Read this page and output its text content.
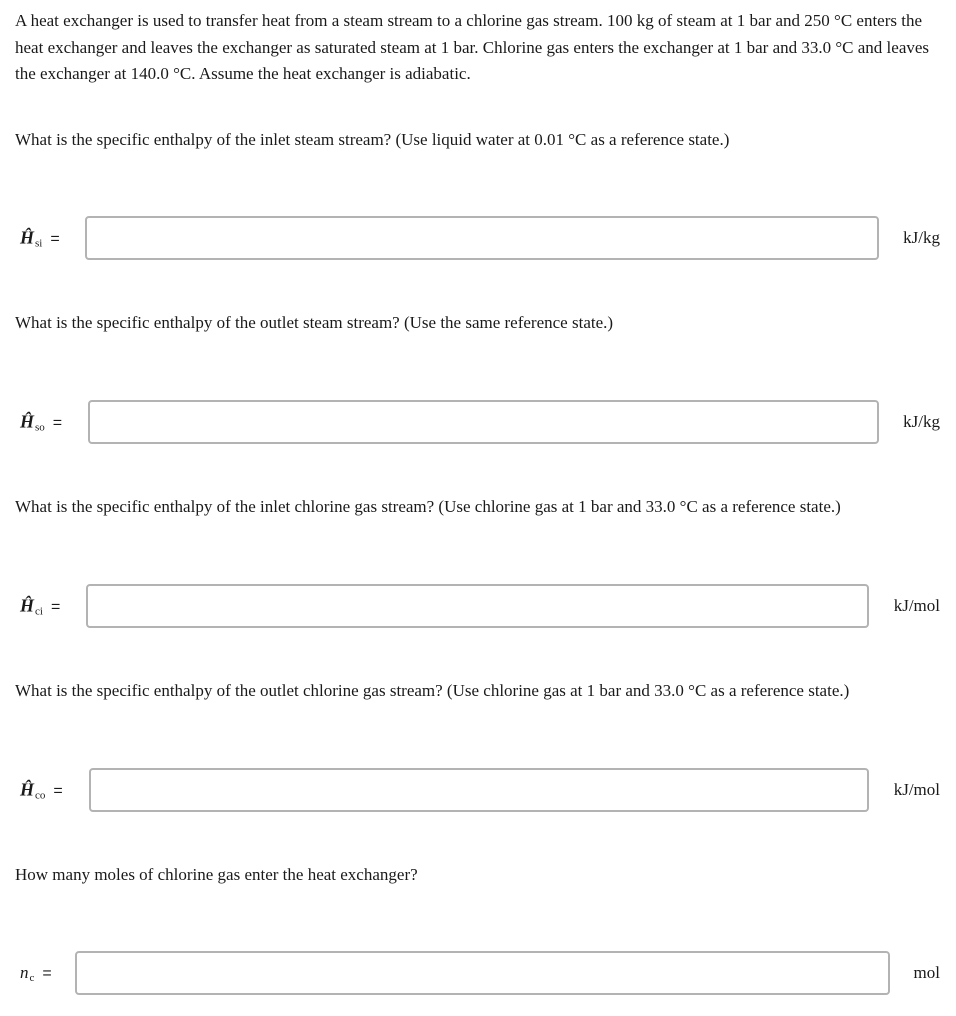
A heat exchanger is used to transfer heat from a steam stream to a chlorine gas stream. 100 kg of steam at 1 bar and 250 °C enters the heat exchanger and leaves the exchanger as saturated steam at 1 bar. Chlorine gas enters the exchanger at 1 bar and 33.0 °C and leaves the exchanger at 140.0 °C. Assume the heat exchanger is adiabatic.
What is the specific enthalpy of the inlet steam stream? (Use liquid water at 0.01 °C as a reference state.)
Ĥ si =	kJ/kg
What is the specific enthalpy of the outlet steam stream? (Use the same reference state.)
Ĥ so =	kJ/kg
What is the specific enthalpy of the inlet chlorine gas stream? (Use chlorine gas at 1 bar and 33.0 °C as a reference state.)
Ĥ ci =	kJ/mol
What is the specific enthalpy of the outlet chlorine gas stream? (Use chlorine gas at 1 bar and 33.0 °C as a reference state.)
Ĥ co =	kJ/mol
How many moles of chlorine gas enter the heat exchanger?
n c =	mol
